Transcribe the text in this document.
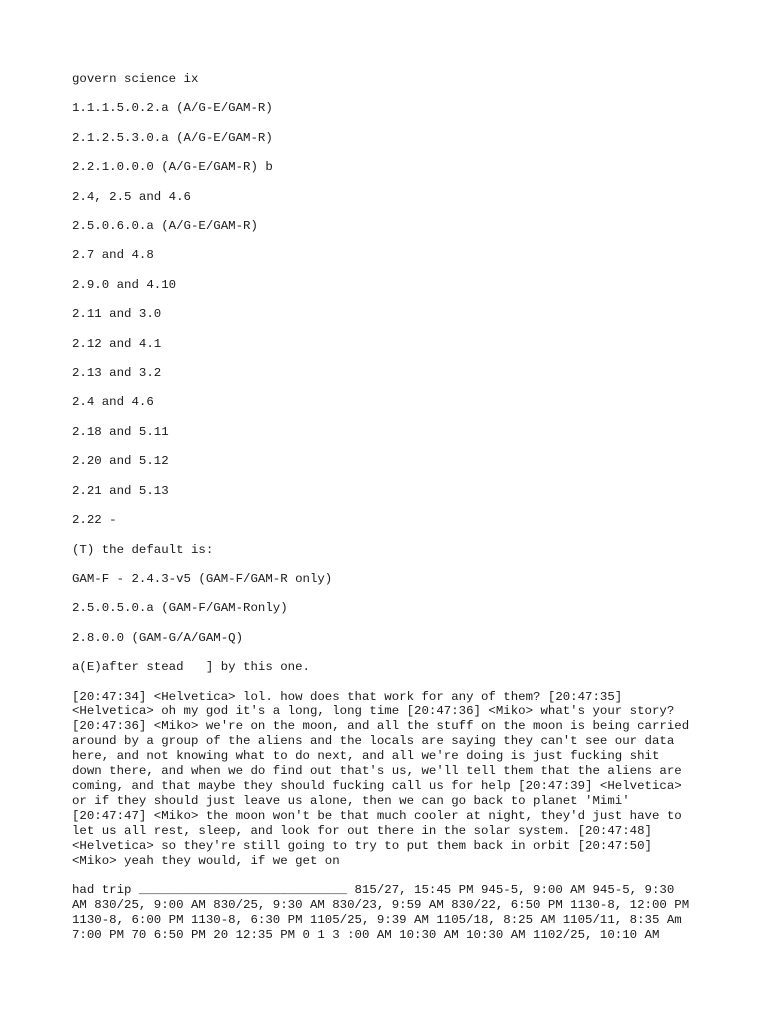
govern science ix
1.1.1.5.0.2.a (A/G-E/GAM-R)
2.1.2.5.3.0.a (A/G-E/GAM-R)
2.2.1.0.0.0 (A/G-E/GAM-R) b
2.4, 2.5 and 4.6
2.5.0.6.0.a (A/G-E/GAM-R)
2.7 and 4.8
2.9.0 and 4.10
2.11 and 3.0
2.12 and 4.1
2.13 and 3.2
2.4 and 4.6
2.18 and 5.11
2.20 and 5.12
2.21 and 5.13
2.22 -
(T) the default is:
GAM-F - 2.4.3-v5 (GAM-F/GAM-R only)
2.5.0.5.0.a (GAM-F/GAM-Ronly)
2.8.0.0 (GAM-G/A/GAM-Q)
a(E)after stead   ] by this one.
[20:47:34] <Helvetica> lol. how does that work for any of them? [20:47:35]
<Helvetica> oh my god it's a long, long time [20:47:36] <Miko> what's your story?
[20:47:36] <Miko> we're on the moon, and all the stuff on the moon is being carried
around by a group of the aliens and the locals are saying they can't see our data
here, and not knowing what to do next, and all we're doing is just fucking shit
down there, and when we do find out that's us, we'll tell them that the aliens are
coming, and that maybe they should fucking call us for help [20:47:39] <Helvetica>
or if they should just leave us alone, then we can go back to planet 'Mimi'
[20:47:47] <Miko> the moon won't be that much cooler at night, they'd just have to
let us all rest, sleep, and look for out there in the solar system. [20:47:48]
<Helvetica> so they're still going to try to put them back in orbit [20:47:50]
<Miko> yeah they would, if we get on
had trip ____________________________ 815/27, 15:45 PM 945-5, 9:00 AM 945-5, 9:30
AM 830/25, 9:00 AM 830/25, 9:30 AM 830/23, 9:59 AM 830/22, 6:50 PM 1130-8, 12:00 PM
1130-8, 6:00 PM 1130-8, 6:30 PM 1105/25, 9:39 AM 1105/18, 8:25 AM 1105/11, 8:35 Am
7:00 PM 70 6:50 PM 20 12:35 PM 0 1 3 :00 AM 10:30 AM 10:30 AM 1102/25, 10:10 AM
